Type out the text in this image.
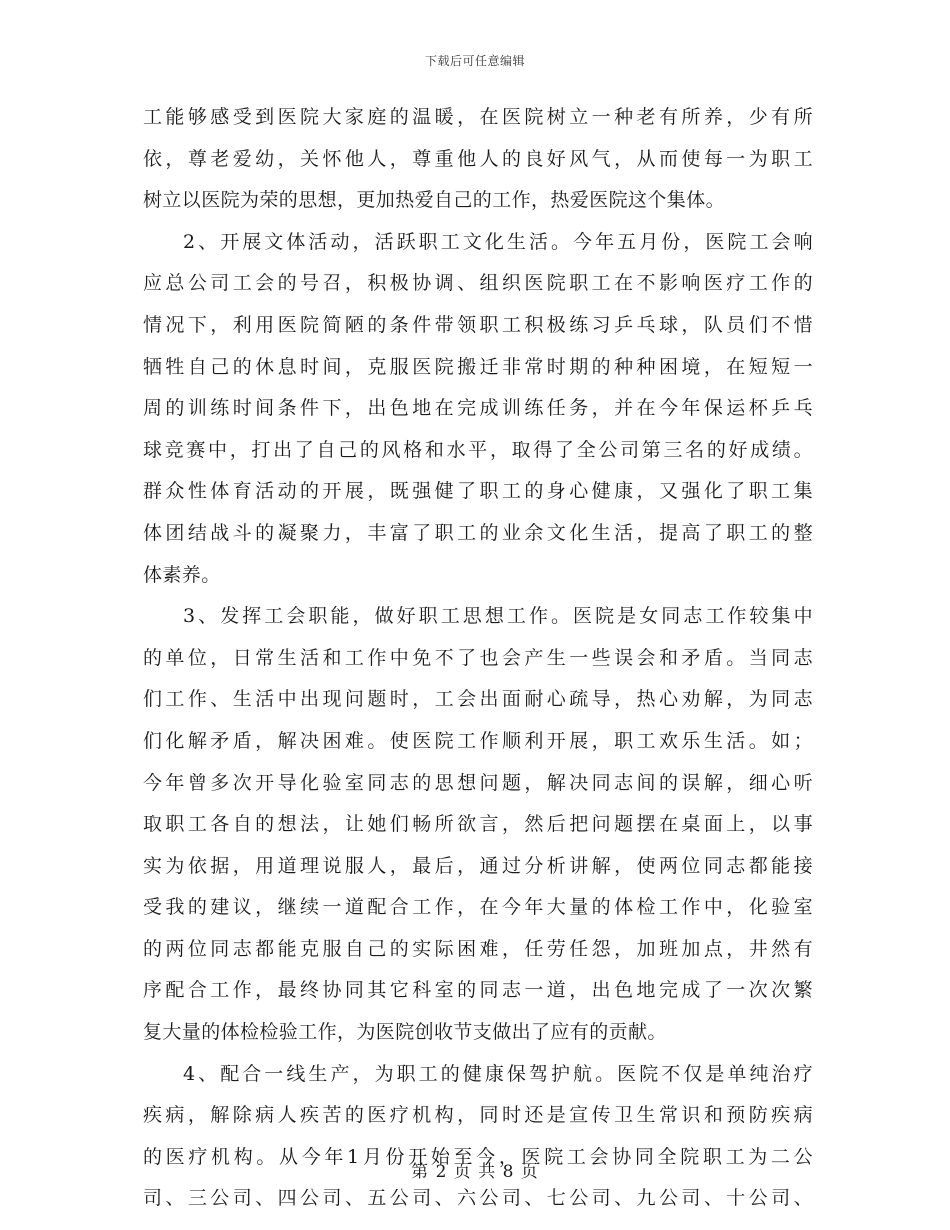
下载后可任意编辑
工能够感受到医院大家庭的温暖，在医院树立一种老有所养，少有所
依，尊老爱幼，关怀他人，尊重他人的良好风气，从而使每一为职工
树立以医院为荣的思想，更加热爱自己的工作，热爱医院这个集体。
2、开展文体活动，活跃职工文化生活。今年五月份，医院工会响
应总公司工会的号召，积极协调、组织医院职工在不影响医疗工作的
情况下，利用医院简陋的条件带领职工积极练习乒乓球，队员们不惜
牺牲自己的休息时间，克服医院搬迁非常时期的种种困境，在短短一
周的训练时间条件下，出色地在完成训练任务，并在今年保运杯乒乓
球竞赛中，打出了自己的风格和水平，取得了全公司第三名的好成绩。
群众性体育活动的开展，既强健了职工的身心健康，又强化了职工集
体团结战斗的凝聚力，丰富了职工的业余文化生活，提高了职工的整
体素养。
3、发挥工会职能，做好职工思想工作。医院是女同志工作较集中
的单位，日常生活和工作中免不了也会产生一些误会和矛盾。当同志
们工作、生活中出现问题时，工会出面耐心疏导，热心劝解，为同志
们化解矛盾，解决困难。使医院工作顺利开展，职工欢乐生活。如；
今年曾多次开导化验室同志的思想问题，解决同志间的误解，细心听
取职工各自的想法，让她们畅所欲言，然后把问题摆在桌面上，以事
实为依据，用道理说服人，最后，通过分析讲解，使两位同志都能接
受我的建议，继续一道配合工作，在今年大量的体检工作中，化验室
的两位同志都能克服自己的实际困难，任劳任怨，加班加点，井然有
序配合工作，最终协同其它科室的同志一道，出色地完成了一次次繁
复大量的体检检验工作，为医院创收节支做出了应有的贡献。
4、配合一线生产，为职工的健康保驾护航。医院不仅是单纯治疗
疾病，解除病人疾苦的医疗机构，同时还是宣传卫生常识和预防疾病
的医疗机构。从今年1月份开始至今，医院工会协同全院职工为二公
司、三公司、四公司、五公司、六公司、七公司、九公司、十公司、
第 2 页 共 8 页
